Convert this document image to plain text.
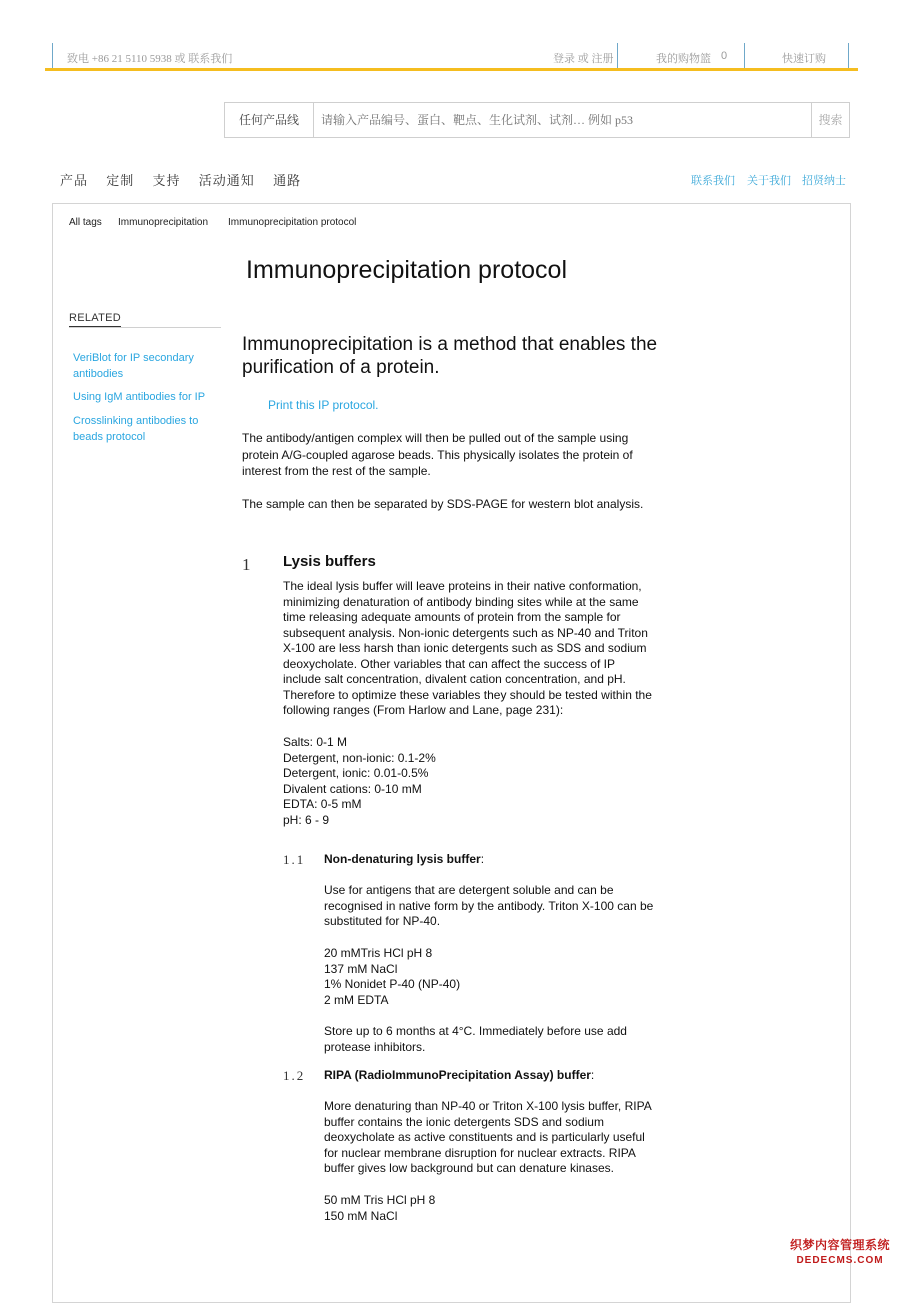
致电 +86 21 5110 5938 或 联系我们	登录 或 注册	我的购物篮 0	快速订购
任何产品线
请输入产品编号、蛋白、靶点、生化试剂、试剂… 例如 p53	搜索
产品 定制 支持 活动通知 通路	联系我们 关于我们 招贤纳士
All tags Immunoprecipitation Immunoprecipitation protocol
Immunoprecipitation protocol
RELATED
VeriBlot for IP secondary antibodies
Using IgM antibodies for IP
Crosslinking antibodies to beads protocol

Immunoprecipitation is a method that enables the purification of a protein.

Print this IP protocol.

The antibody/antigen complex will then be pulled out of the sample using protein A/G-coupled agarose beads. This physically isolates the protein of interest from the rest of the sample.

The sample can then be separated by SDS-PAGE for western blot analysis.

1 Lysis buffers
The ideal lysis buffer will leave proteins in their native conformation, minimizing denaturation of antibody binding sites while at the same time releasing adequate amounts of protein from the sample for subsequent analysis. Non-ionic detergents such as NP-40 and Triton X-100 are less harsh than ionic detergents such as SDS and sodium deoxycholate. Other variables that can affect the success of IP include salt concentration, divalent cation concentration, and pH. Therefore to optimize these variables they should be tested within the following ranges (From Harlow and Lane, page 231):
Salts: 0-1 M
Detergent, non-ionic: 0.1-2%
Detergent, ionic: 0.01-0.5%
Divalent cations: 0-10 mM
EDTA: 0-5 mM
pH: 6 - 9
1.1 Non-denaturing lysis buffer:
Use for antigens that are detergent soluble and can be recognised in native form by the antibody. Triton X-100 can be substituted for NP-40.
20 mMTris HCl pH 8
137 mM NaCl
1% Nonidet P-40 (NP-40)
2 mM EDTA
Store up to 6 months at 4°C. Immediately before use add protease inhibitors.
1.2 RIPA (RadioImmunoPrecipitation Assay) buffer:
More denaturing than NP-40 or Triton X-100 lysis buffer, RIPA buffer contains the ionic detergents SDS and sodium deoxycholate as active constituents and is particularly useful for nuclear membrane disruption for nuclear extracts. RIPA buffer gives low background but can denature kinases.
50 mM Tris HCl pH 8
150 mM NaCl
织梦内容管理系统
DEDECMS.COM
